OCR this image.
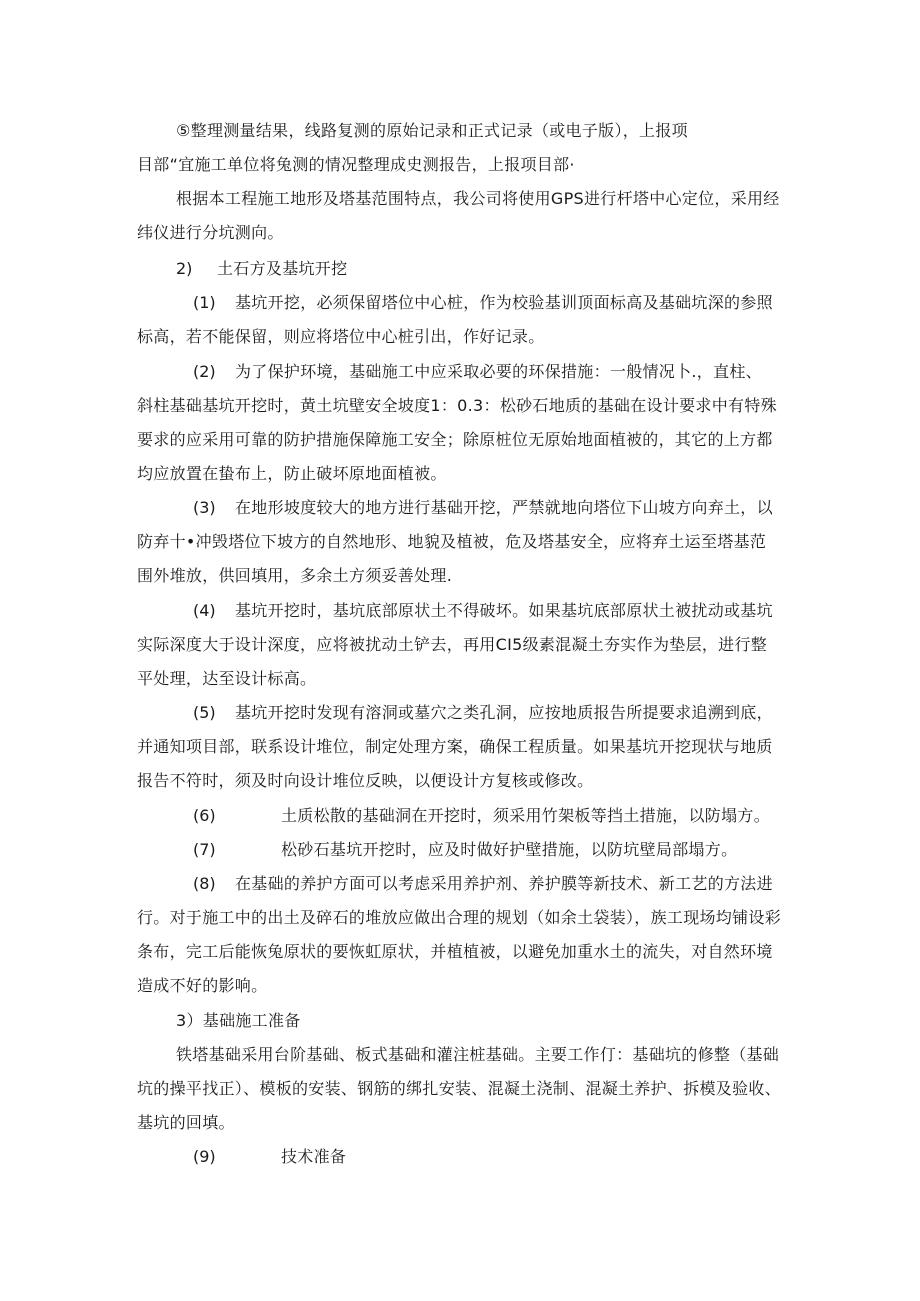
⑤整理测量结果，线路复测的原始记录和正式记录（或电子版），上报项

目部“宜施工单位将兔测的情况整理成史测报告，上报项目部·

根据本工程施工地形及塔基范围特点，我公司将使用GPS进行杆塔中心定位，采用经

纬仪进行分坑测向。

2) 土石方及基坑开挖

(1) 基坑开挖，必须保留塔位中心桩，作为校验基训顶面标高及基础坑深的参照

标高，若不能保留，则应将塔位中心桩引出，作好记录。

(2) 为了保护环境，基础施工中应采取必要的环保措施：一般情况卜.，直柱、

斜柱基础基坑开挖时，黄土坑壁安全坡度1：0.3：松砂石地质的基础在设计要求中有特殊

要求的应采用可靠的防护措施保障施工安全；除原桩位无原始地面植被的，其它的上方都

均应放置在蛰布上，防止破坏原地面植被。

(3) 在地形坡度较大的地方进行基础开挖，严禁就地向塔位下山坡方向弃土，以

防弃十•冲毁塔位下坡方的自然地形、地貌及植被，危及塔基安全，应将弃土运至塔基范

围外堆放，供回填用，多余土方须妥善处理.

(4) 基坑开挖时，基坑底部原状土不得破坏。如果基坑底部原状土被扰动或基坑

实际深度大于设计深度，应将被扰动土铲去，再用CI5级素混凝土夯实作为垫层，进行整

平处理，达至设计标高。

(5) 基坑开挖时发现有溶洞或墓穴之类孔洞，应按地质报告所提要求追溯到底，

并通知项目部，联系设计堆位，制定处理方案，确保工程质量。如果基坑开挖现状与地质

报告不符时，须及时向设计堆位反映，以便设计方复核或修改。

(6)	土质松散的基础洞在开挖时，须采用竹架板等挡土措施，以防塌方。

(7)	松砂石基坑开挖时，应及时做好护壁措施，以防坑壁局部塌方。

(8) 在基础的养护方面可以考虑采用养护剂、养护膜等新技术、新工艺的方法进

行。对于施工中的出土及碎石的堆放应做出合理的规划（如余土袋装），族工现场均铺设彩

条布，完工后能恢兔原状的要恢虹原状，并植植被，以避免加重水土的流失，对自然环境

造成不好的影响。

3）基础施工准备

铁塔基础采用台阶基础、板式基础和灌注桩基础。主要工作仃：基础坑的修整（基础

坑的操平找正）、模板的安装、钢筋的绑扎安装、混凝土浇制、混凝土养护、拆模及验收、

基坑的回填。

(9)	技术准备
